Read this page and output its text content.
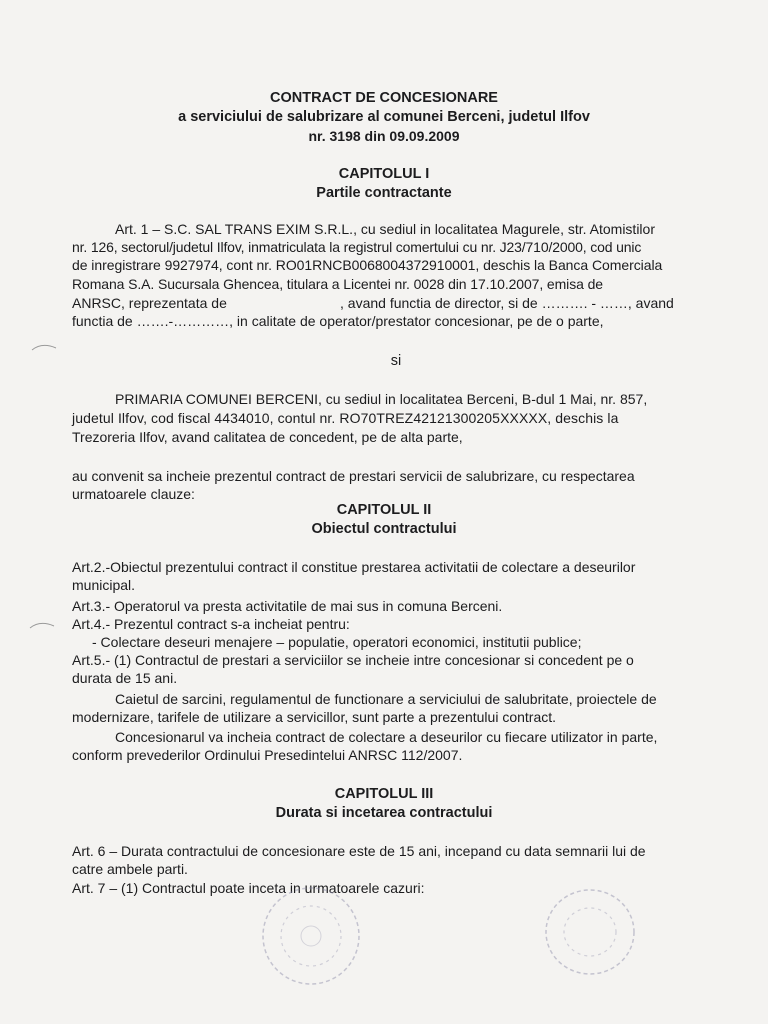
CONTRACT DE CONCESIONARE
a serviciului de salubrizare al comunei Berceni, judetul Ilfov
nr. 3198 din 09.09.2009
CAPITOLUL I
Partile contractante
Art. 1 – S.C. SAL TRANS EXIM S.R.L., cu sediul in localitatea Magurele, str. Atomistilor
nr. 126, sectorul/judetul Ilfov, inmatriculata la registrul comertului cu nr. J23/710/2000, cod unic
de inregistrare 9927974, cont nr. RO01RNCB0068004372910001, deschis la Banca Comerciala
Romana S.A. Sucursala Ghencea, titulara a Licentei nr. 0028 din 17.10.2007, emisa de
ANRSC, reprezentata de	, avand functia de director, si de ………. - ……, avand
functia de …….-…………, in calitate de operator/prestator concesionar, pe de o parte,
si
PRIMARIA COMUNEI BERCENI, cu sediul in localitatea Berceni, B-dul 1 Mai, nr. 857,
judetul Ilfov, cod fiscal 4434010, contul nr. RO70TREZ42121300205XXXXX, deschis la
Trezoreria Ilfov, avand calitatea de concedent, pe de alta parte,
au convenit sa incheie prezentul contract de prestari servicii de salubrizare, cu respectarea
urmatoarele clauze:
CAPITOLUL II
Obiectul contractului
Art.2.-Obiectul prezentului contract il constitue prestarea activitatii de colectare a deseurilor
municipal.
Art.3.- Operatorul va presta activitatile de mai sus in comuna Berceni.
Art.4.- Prezentul contract s-a incheiat pentru:
- Colectare deseuri menajere – populatie, operatori economici, institutii publice;
Art.5.- (1) Contractul de prestari a serviciilor se incheie intre concesionar si concedent pe o
durata de 15 ani.
Caietul de sarcini, regulamentul de functionare a serviciului de salubritate, proiectele de
modernizare, tarifele de utilizare a servicillor, sunt parte a prezentului contract.
Concesionarul va incheia contract de colectare a deseurilor cu fiecare utilizator in parte,
conform prevederilor Ordinului Presedintelui ANRSC 112/2007.
CAPITOLUL III
Durata si incetarea contractului
Art. 6 – Durata contractului de concesionare este de 15 ani, incepand cu data semnarii lui de
catre ambele parti.
Art. 7 – (1) Contractul poate inceta in urmatoarele cazuri:
